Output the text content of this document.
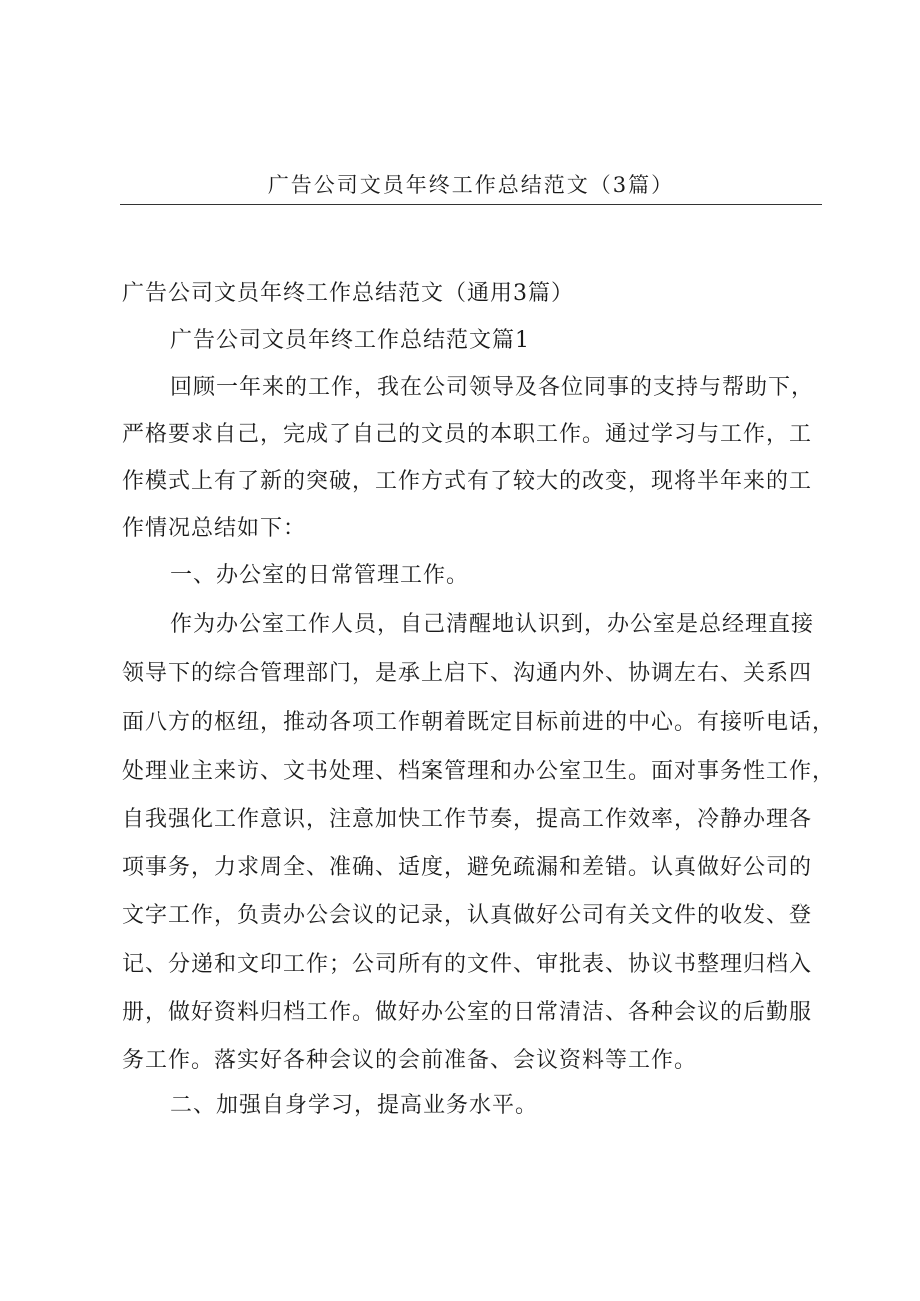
广告公司文员年终工作总结范文（3篇）

广告公司文员年终工作总结范文（通用3篇）

广告公司文员年终工作总结范文篇1

回顾一年来的工作，我在公司领导及各位同事的支持与帮助下，

严格要求自己，完成了自己的文员的本职工作。通过学习与工作，工

作模式上有了新的突破，工作方式有了较大的改变，现将半年来的工

作情况总结如下：

一、办公室的日常管理工作。

作为办公室工作人员，自己清醒地认识到，办公室是总经理直接

领导下的综合管理部门，是承上启下、沟通内外、协调左右、关系四

面八方的枢纽，推动各项工作朝着既定目标前进的中心。有接听电话，

处理业主来访、文书处理、档案管理和办公室卫生。面对事务性工作，

自我强化工作意识，注意加快工作节奏，提高工作效率，冷静办理各

项事务，力求周全、准确、适度，避免疏漏和差错。认真做好公司的

文字工作，负责办公会议的记录，认真做好公司有关文件的收发、登

记、分递和文印工作；公司所有的文件、审批表、协议书整理归档入

册，做好资料归档工作。做好办公室的日常清洁、各种会议的后勤服

务工作。落实好各种会议的会前准备、会议资料等工作。

二、加强自身学习，提高业务水平。
